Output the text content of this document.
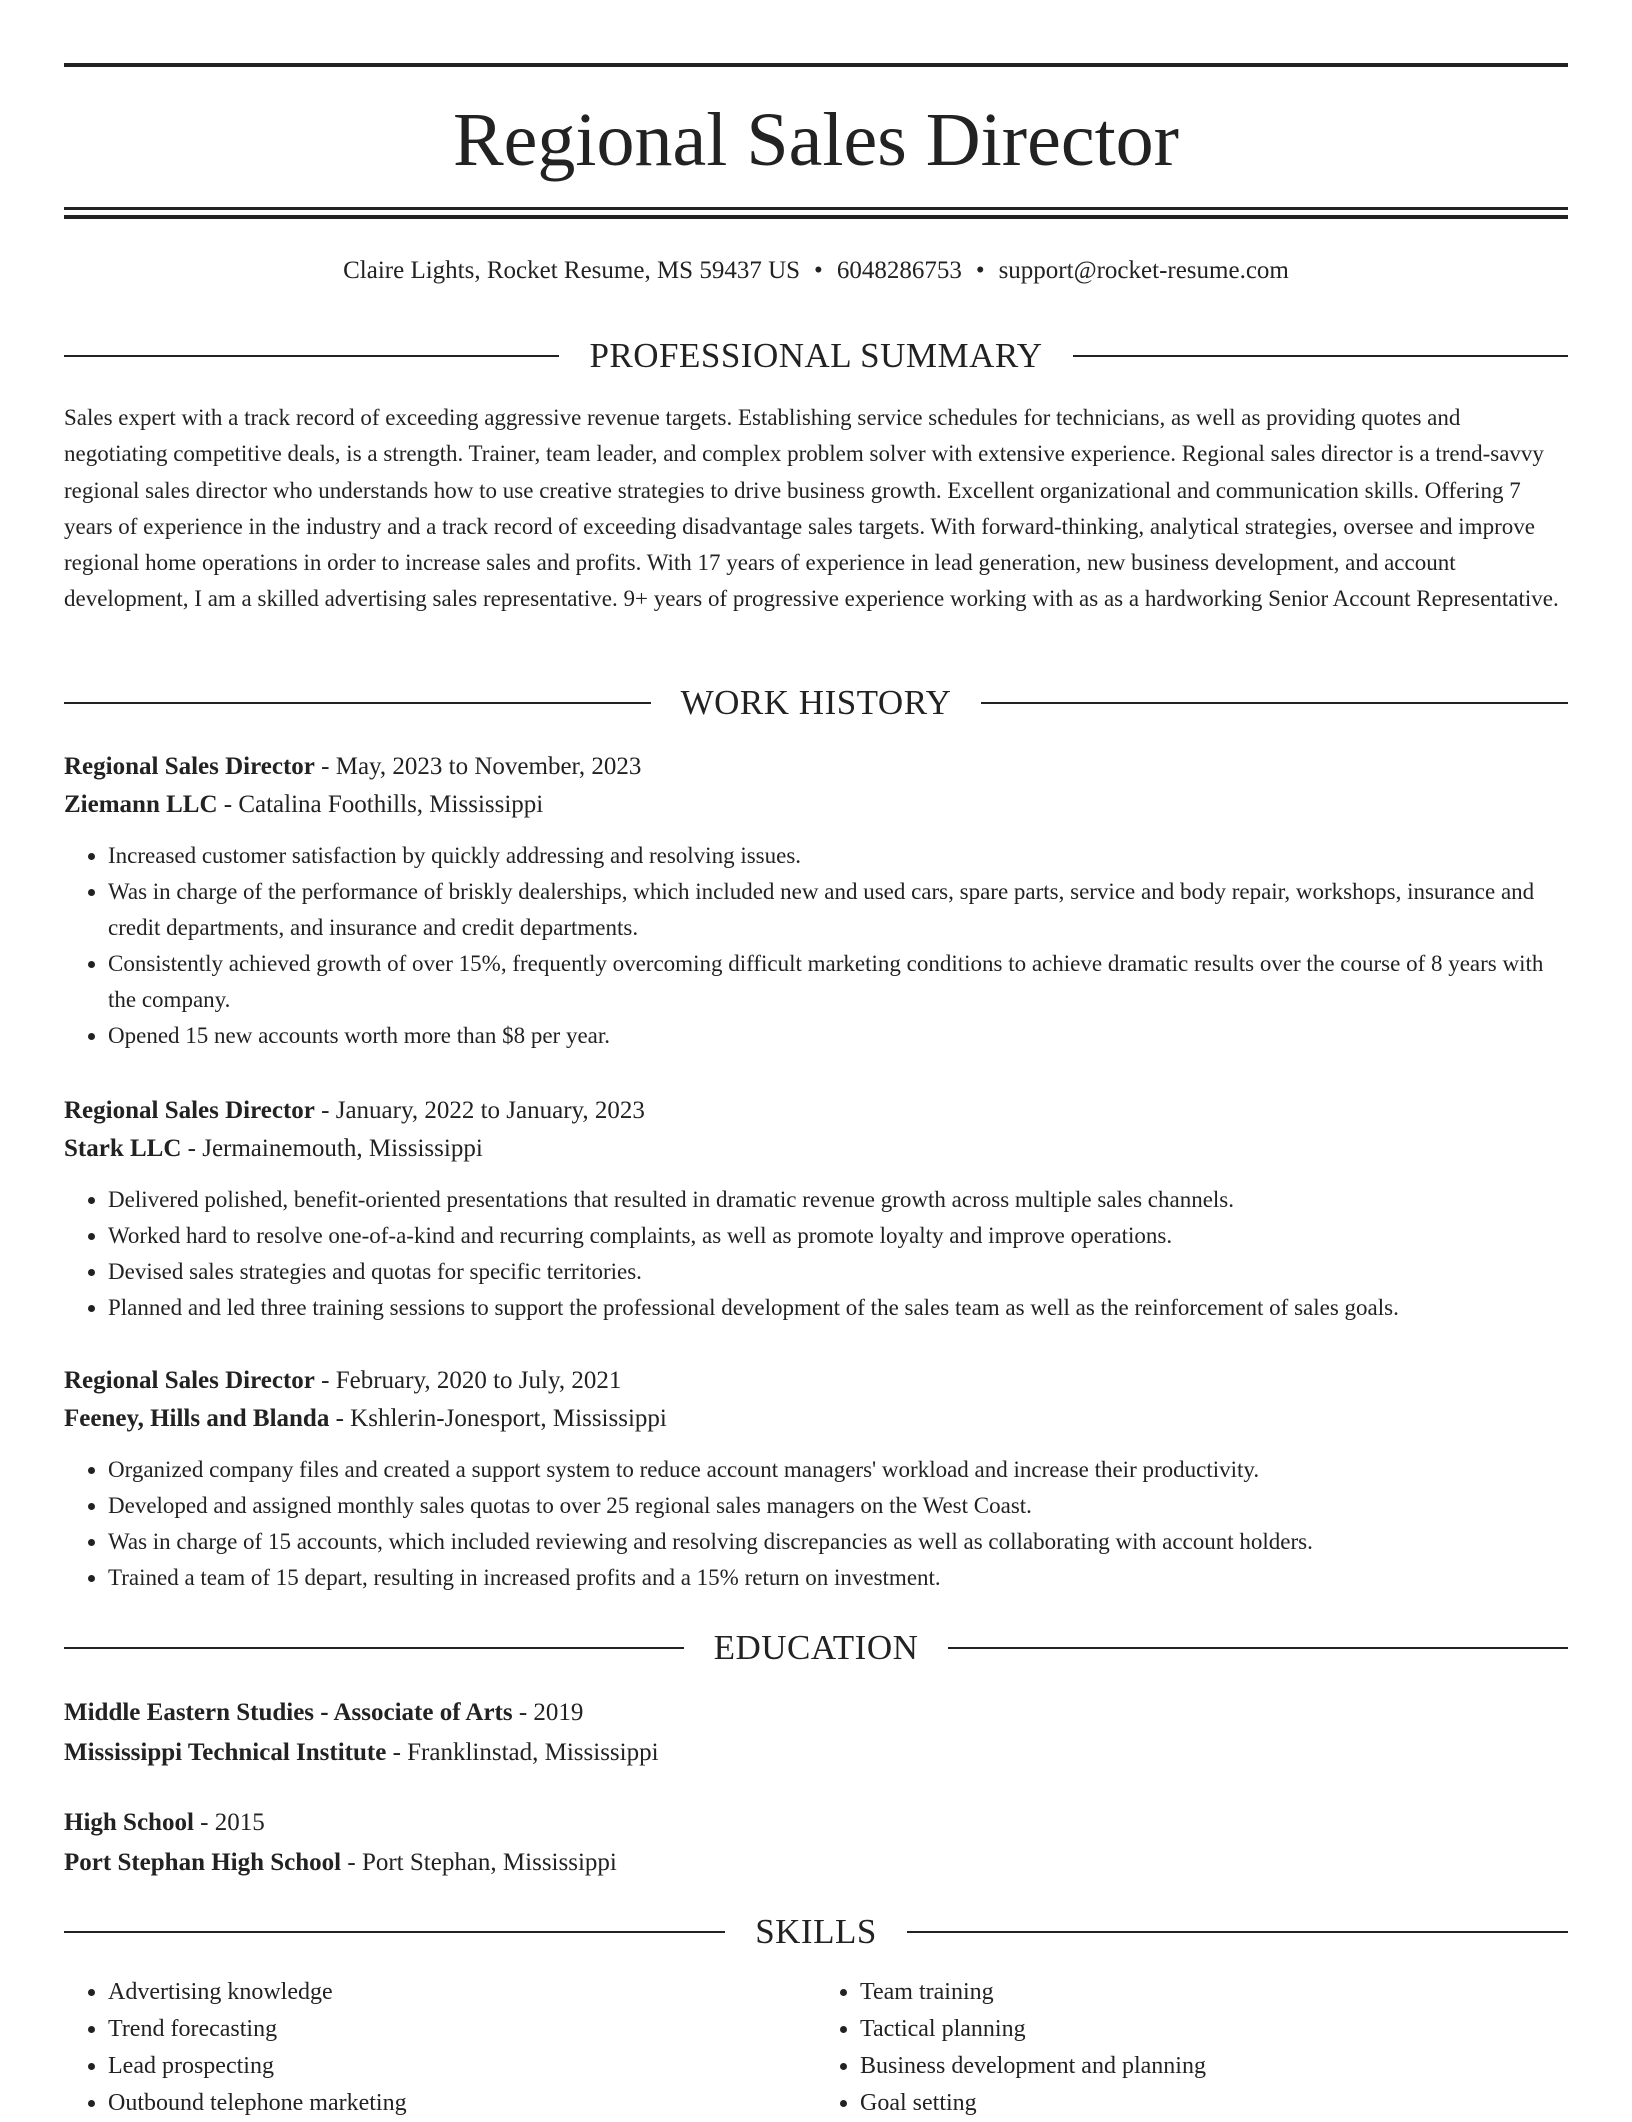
Regional Sales Director
Claire Lights, Rocket Resume, MS 59437 US • 6048286753 • support@rocket-resume.com
PROFESSIONAL SUMMARY

Sales expert with a track record of exceeding aggressive revenue targets. Establishing service schedules for technicians, as well as providing quotes and negotiating competitive deals, is a strength. Trainer, team leader, and complex problem solver with extensive experience. Regional sales director is a trend-savvy regional sales director who understands how to use creative strategies to drive business growth. Excellent organizational and communication skills. Offering 7 years of experience in the industry and a track record of exceeding disadvantage sales targets. With forward-thinking, analytical strategies, oversee and improve regional home operations in order to increase sales and profits. With 17 years of experience in lead generation, new business development, and account development, I am a skilled advertising sales representative. 9+ years of progressive experience working with as as a hardworking Senior Account Representative.

WORK HISTORY

Regional Sales Director - May, 2023 to November, 2023

Ziemann LLC - Catalina Foothills, Mississippi

• Increased customer satisfaction by quickly addressing and resolving issues.
• Was in charge of the performance of briskly dealerships, which included new and used cars, spare parts, service and body repair, workshops, insurance and credit departments, and insurance and credit departments.
• Consistently achieved growth of over 15%, frequently overcoming difficult marketing conditions to achieve dramatic results over the course of 8 years with the company.
• Opened 15 new accounts worth more than $8 per year.

Regional Sales Director - January, 2022 to January, 2023

Stark LLC - Jermainemouth, Mississippi

• Delivered polished, benefit-oriented presentations that resulted in dramatic revenue growth across multiple sales channels.
• Worked hard to resolve one-of-a-kind and recurring complaints, as well as promote loyalty and improve operations.
• Devised sales strategies and quotas for specific territories.
• Planned and led three training sessions to support the professional development of the sales team as well as the reinforcement of sales goals.

Regional Sales Director - February, 2020 to July, 2021

Feeney, Hills and Blanda - Kshlerin-Jonesport, Mississippi

• Organized company files and created a support system to reduce account managers' workload and increase their productivity.
• Developed and assigned monthly sales quotas to over 25 regional sales managers on the West Coast.
• Was in charge of 15 accounts, which included reviewing and resolving discrepancies as well as collaborating with account holders.
• Trained a team of 15 depart, resulting in increased profits and a 15% return on investment.
EDUCATION

Middle Eastern Studies - Associate of Arts - 2019

Mississippi Technical Institute - Franklinstad, Mississippi

High School - 2015

Port Stephan High School - Port Stephan, Mississippi

SKILLS
• Advertising knowledge
• Trend forecasting
• Lead prospecting
• Outbound telephone marketing
• Team training
• Tactical planning
• Business development and planning
• Goal setting
